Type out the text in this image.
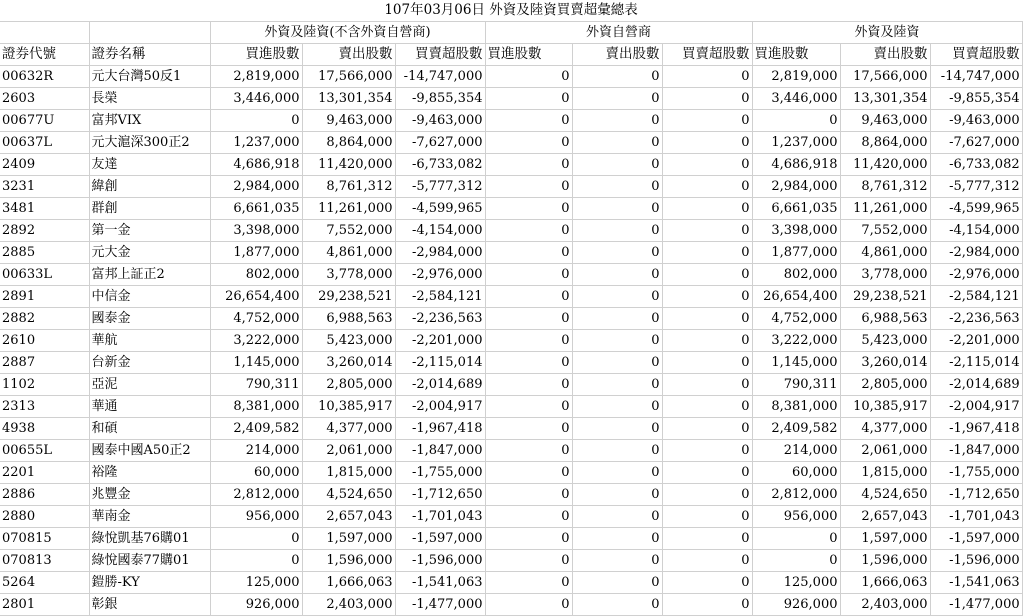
107年03月06日 外資及陸資買賣超彙總表										
		外資及陸資(不含外資自營商)			外資自營商			外資及陸資		
證券代號	證券名稱	買進股數	賣出股數	買賣超股數	買進股數	賣出股數	買賣超股數	買進股數	賣出股數	買賣超股數
00632R	元大台灣50反1	2,819,000	17,566,000	-14,747,000	0	0	0	2,819,000	17,566,000	-14,747,000
2603	長榮	3,446,000	13,301,354	-9,855,354	0	0	0	3,446,000	13,301,354	-9,855,354
00677U	富邦VIX	0	9,463,000	-9,463,000	0	0	0	0	9,463,000	-9,463,000
00637L	元大滬深300正2	1,237,000	8,864,000	-7,627,000	0	0	0	1,237,000	8,864,000	-7,627,000
2409	友達	4,686,918	11,420,000	-6,733,082	0	0	0	4,686,918	11,420,000	-6,733,082
3231	緯創	2,984,000	8,761,312	-5,777,312	0	0	0	2,984,000	8,761,312	-5,777,312
3481	群創	6,661,035	11,261,000	-4,599,965	0	0	0	6,661,035	11,261,000	-4,599,965
2892	第一金	3,398,000	7,552,000	-4,154,000	0	0	0	3,398,000	7,552,000	-4,154,000
2885	元大金	1,877,000	4,861,000	-2,984,000	0	0	0	1,877,000	4,861,000	-2,984,000
00633L	富邦上証正2	802,000	3,778,000	-2,976,000	0	0	0	802,000	3,778,000	-2,976,000
2891	中信金	26,654,400	29,238,521	-2,584,121	0	0	0	26,654,400	29,238,521	-2,584,121
2882	國泰金	4,752,000	6,988,563	-2,236,563	0	0	0	4,752,000	6,988,563	-2,236,563
2610	華航	3,222,000	5,423,000	-2,201,000	0	0	0	3,222,000	5,423,000	-2,201,000
2887	台新金	1,145,000	3,260,014	-2,115,014	0	0	0	1,145,000	3,260,014	-2,115,014
1102	亞泥	790,311	2,805,000	-2,014,689	0	0	0	790,311	2,805,000	-2,014,689
2313	華通	8,381,000	10,385,917	-2,004,917	0	0	0	8,381,000	10,385,917	-2,004,917
4938	和碩	2,409,582	4,377,000	-1,967,418	0	0	0	2,409,582	4,377,000	-1,967,418
00655L	國泰中國A50正2	214,000	2,061,000	-1,847,000	0	0	0	214,000	2,061,000	-1,847,000
2201	裕隆	60,000	1,815,000	-1,755,000	0	0	0	60,000	1,815,000	-1,755,000
2886	兆豐金	2,812,000	4,524,650	-1,712,650	0	0	0	2,812,000	4,524,650	-1,712,650
2880	華南金	956,000	2,657,043	-1,701,043	0	0	0	956,000	2,657,043	-1,701,043
070815	綠悅凱基76購01	0	1,597,000	-1,597,000	0	0	0	0	1,597,000	-1,597,000
070813	綠悅國泰77購01	0	1,596,000	-1,596,000	0	0	0	0	1,596,000	-1,596,000
5264	鎧勝-KY	125,000	1,666,063	-1,541,063	0	0	0	125,000	1,666,063	-1,541,063
2801	彰銀	926,000	2,403,000	-1,477,000	0	0	0	926,000	2,403,000	-1,477,000
